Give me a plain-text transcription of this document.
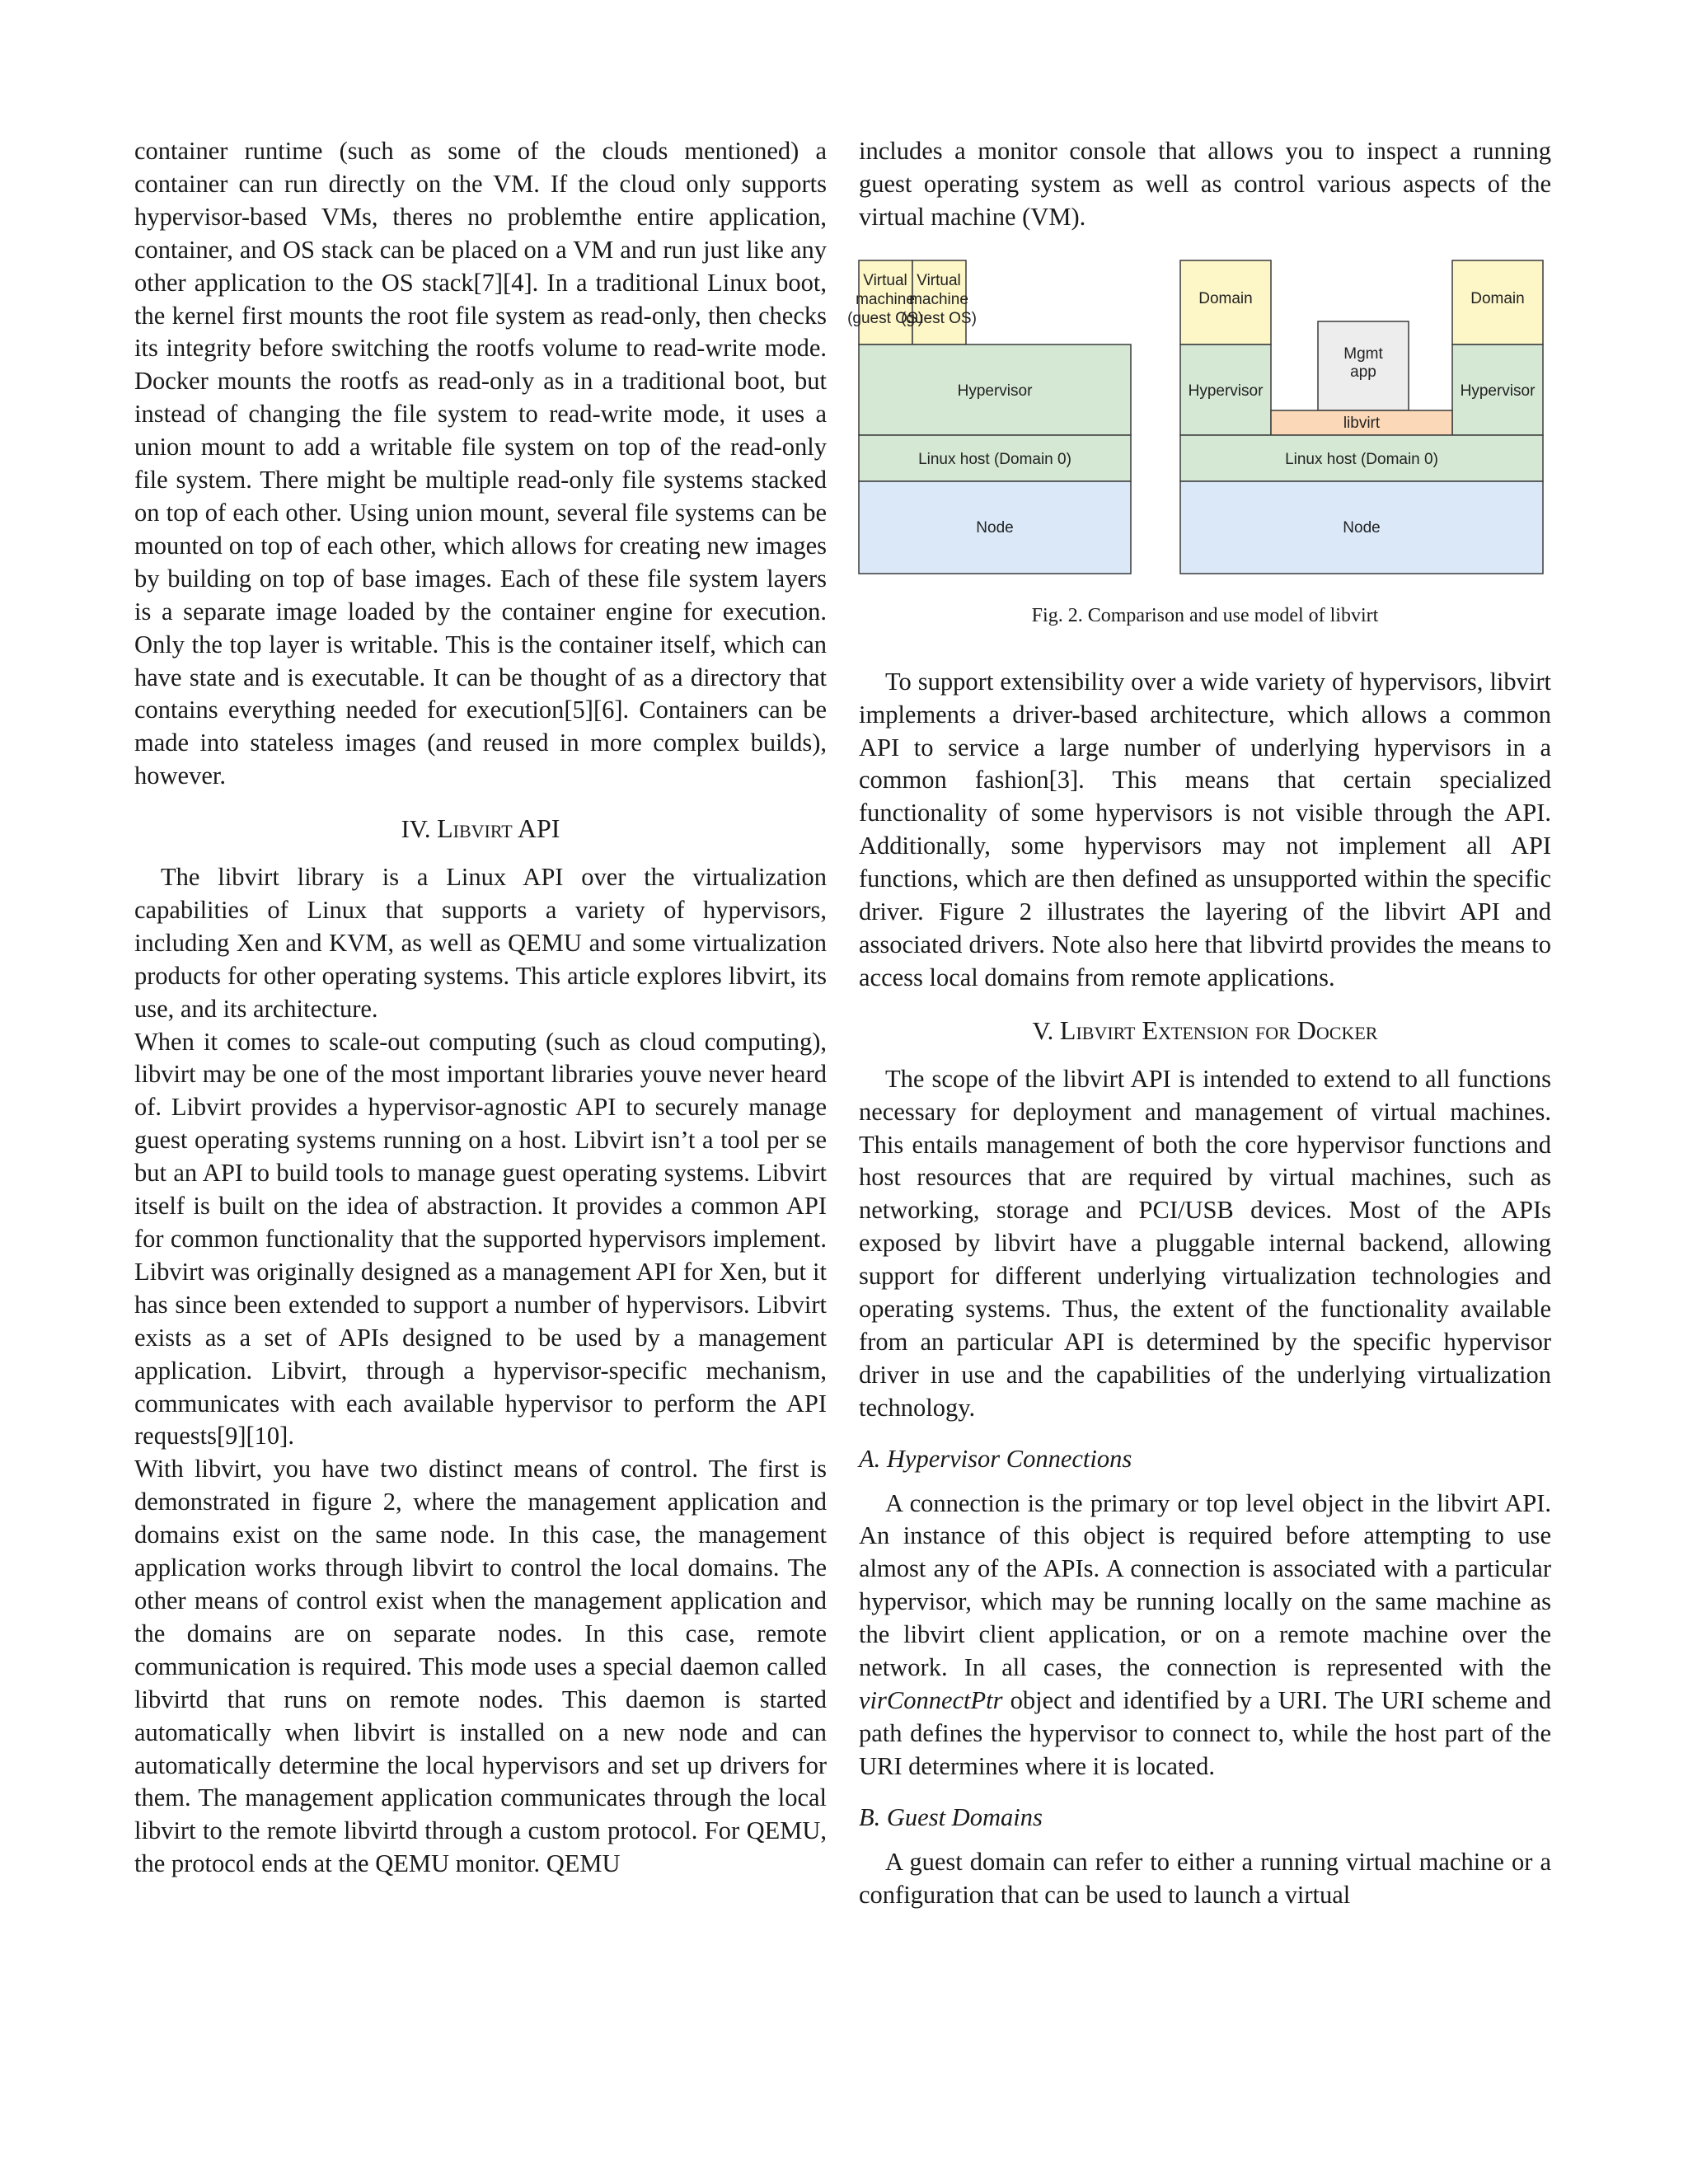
container runtime (such as some of the clouds mentioned) a container can run directly on the VM. If the cloud only supports hypervisor-based VMs, theres no problemthe entire application, container, and OS stack can be placed on a VM and run just like any other application to the OS stack[7][4]. In a traditional Linux boot, the kernel first mounts the root file system as read-only, then checks its integrity before switching the rootfs volume to read-write mode. Docker mounts the rootfs as read-only as in a traditional boot, but instead of changing the file system to read-write mode, it uses a union mount to add a writable file system on top of the read-only file system. There might be multiple read-only file systems stacked on top of each other. Using union mount, several file systems can be mounted on top of each other, which allows for creating new images by building on top of base images. Each of these file system layers is a separate image loaded by the container engine for execution. Only the top layer is writable. This is the container itself, which can have state and is executable. It can be thought of as a directory that contains everything needed for execution[5][6]. Containers can be made into stateless images (and reused in more complex builds), however.

IV. Libvirt API

The libvirt library is a Linux API over the virtualization capabilities of Linux that supports a variety of hypervisors, including Xen and KVM, as well as QEMU and some virtualization products for other operating systems. This article explores libvirt, its use, and its architecture.

When it comes to scale-out computing (such as cloud computing), libvirt may be one of the most important libraries youve never heard of. Libvirt provides a hypervisor-agnostic API to securely manage guest operating systems running on a host. Libvirt isn’t a tool per se but an API to build tools to manage guest operating systems. Libvirt itself is built on the idea of abstraction. It provides a common API for common functionality that the supported hypervisors implement. Libvirt was originally designed as a management API for Xen, but it has since been extended to support a number of hypervisors. Libvirt exists as a set of APIs designed to be used by a management application. Libvirt, through a hypervisor-specific mechanism, communicates with each available hypervisor to perform the API requests[9][10].

With libvirt, you have two distinct means of control. The first is demonstrated in figure 2, where the management application and domains exist on the same node. In this case, the management application works through libvirt to control the local domains. The other means of control exist when the management application and the domains are on separate nodes. In this case, remote communication is required. This mode uses a special daemon called libvirtd that runs on remote nodes. This daemon is started automatically when libvirt is installed on a new node and can automatically determine the local hypervisors and set up drivers for them. The management application communicates through the local libvirt to the remote libvirtd through a custom protocol. For QEMU, the protocol ends at the QEMU monitor. QEMU

includes a monitor console that allows you to inspect a running guest operating system as well as control various aspects of the virtual machine (VM).

Virtual
machine
(guest OS)
Virtual
machine
(guest OS)
Hypervisor
Linux host (Domain 0)
Node
Domain	Domain
Hypervisor	Hypervisor
Mgmt
app
libvirt
Linux host (Domain 0)
Node
Fig. 2. Comparison and use model of libvirt

To support extensibility over a wide variety of hypervisors, libvirt implements a driver-based architecture, which allows a common API to service a large number of underlying hypervisors in a common fashion[3]. This means that certain specialized functionality of some hypervisors is not visible through the API. Additionally, some hypervisors may not implement all API functions, which are then defined as unsupported within the specific driver. Figure 2 illustrates the layering of the libvirt API and associated drivers. Note also here that libvirtd provides the means to access local domains from remote applications.

V. Libvirt Extension for Docker

The scope of the libvirt API is intended to extend to all functions necessary for deployment and management of virtual machines. This entails management of both the core hypervisor functions and host resources that are required by virtual machines, such as networking, storage and PCI/USB devices. Most of the APIs exposed by libvirt have a pluggable internal backend, allowing support for different underlying virtualization technologies and operating systems. Thus, the extent of the functionality available from an particular API is determined by the specific hypervisor driver in use and the capabilities of the underlying virtualization technology.

A. Hypervisor Connections

A connection is the primary or top level object in the libvirt API. An instance of this object is required before attempting to use almost any of the APIs. A connection is associated with a particular hypervisor, which may be running locally on the same machine as the libvirt client application, or on a remote machine over the network. In all cases, the connection is represented with the virConnectPtr object and identified by a URI. The URI scheme and path defines the hypervisor to connect to, while the host part of the URI determines where it is located.

B. Guest Domains

A guest domain can refer to either a running virtual machine or a configuration that can be used to launch a virtual
